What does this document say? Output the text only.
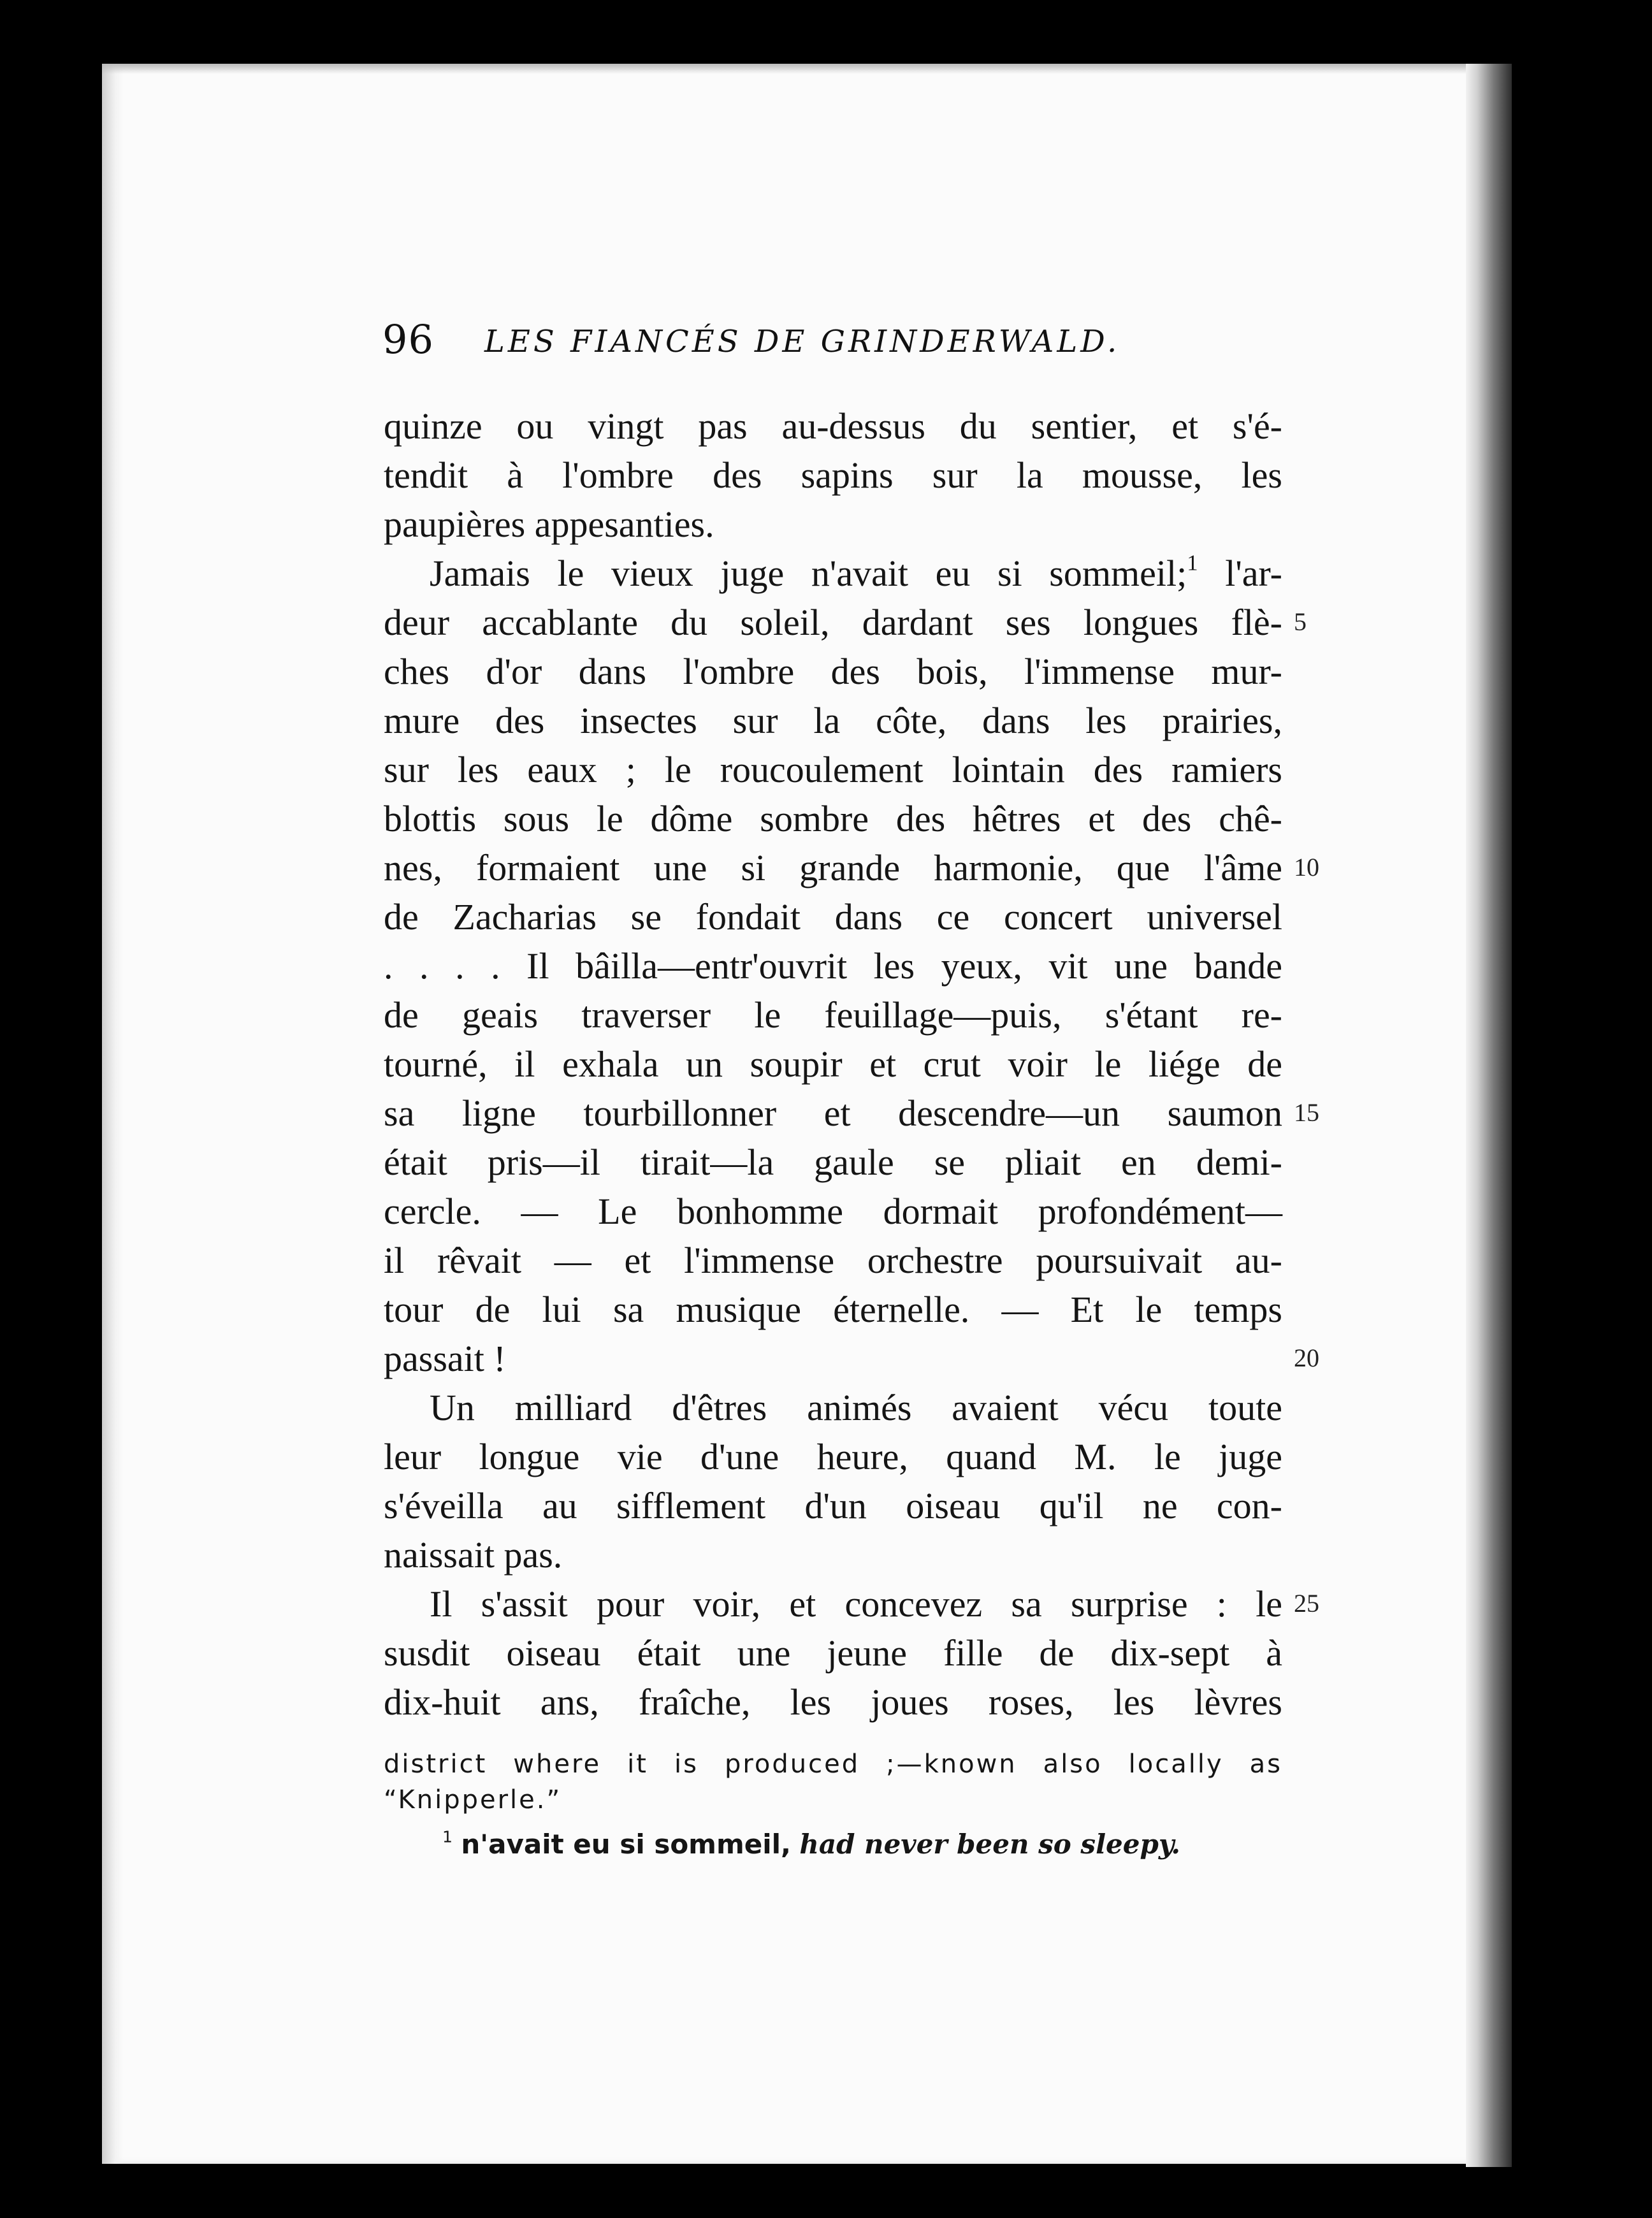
96 LES FIANCÉS DE GRINDERWALD.
quinze ou vingt pas au-dessus du sentier, et s'é-
tendit à l'ombre des sapins sur la mousse, les
paupières appesanties.
Jamais le vieux juge n'avait eu si sommeil;$^1$ l'ar-
deur accablante du soleil, dardant ses longues flè-
ches d'or dans l'ombre des bois, l'immense mur-
mure des insectes sur la côte, dans les prairies,
sur les eaux ; le roucoulement lointain des ramiers
blottis sous le dôme sombre des hêtres et des chê-
nes, formaient une si grande harmonie, que l'âme
de Zacharias se fondait dans ce concert universel
. . . . Il bâilla—entr'ouvrit les yeux, vit une bande
de geais traverser le feuillage—puis, s'étant re-
tourné, il exhala un soupir et crut voir le liége de
sa ligne tourbillonner et descendre—un saumon
était pris—il tirait—la gaule se pliait en demi-
cercle. — Le bonhomme dormait profondément—
il rêvait — et l'immense orchestre poursuivait au-
tour de lui sa musique éternelle. — Et le temps
passait !
Un milliard d'êtres animés avaient vécu toute
leur longue vie d'une heure, quand M. le juge
s'éveilla au sifflement d'un oiseau qu'il ne con-
naissait pas.
Il s'assit pour voir, et concevez sa surprise : le
susdit oiseau était une jeune fille de dix-sept à
dix-huit ans, fraîche, les joues roses, les lèvres
5
10
15
20
25
district where it is produced ;—known also locally as
“Knipperle.”
$^1$ n'avait eu si sommeil, had never been so sleepy.
